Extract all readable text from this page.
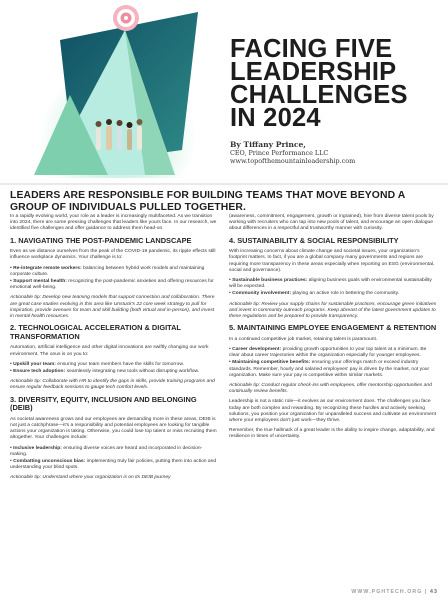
FACING FIVE
LEADERSHIP
CHALLENGES
IN 2024
By Tiffany Prince,
CEO, Prince Performance LLC
www.topofthemountainleadership.com
LEADERS ARE RESPONSIBLE FOR BUILDING TEAMS THAT MOVE BEYOND A GROUP OF INDIVIDUALS PULLED TOGETHER.

In a rapidly evolving world, your role as a leader is increasingly multifaceted. As we transition into 2024, there are some pressing challenges that leaders like yours face. In our research, we identified five challenges and offer guidance to address them head-on.

1. NAVIGATING THE POST-PANDEMIC LANDSCAPE

Even as we distance ourselves from the peak of the COVID-19 pandemic, its ripple effects still influence workplace dynamics. Your challenge is to:

• Re-integrate remote workers: balancing between hybrid work models and maintaining corporate culture.
• Support mental health: recognizing the post-pandemic anxieties and offering resources for emotional well-being.

Actionable tip: Develop new teaming models that support connection and collaboration. There are great case studies evolving in this area like Unstuck's 22 core week strategy to pull for inspiration, provide avenues for team and skill building (both virtual and in-person), and invest in mental health resources.

2. TECHNOLOGICAL ACCELERATION & DIGITAL TRANSFORMATION

Automation, artificial intelligence and other digital innovations are swiftly changing our work environment. The onus is on you to:

• Upskill your team: ensuring your team members have the skills for tomorrow.
• Ensure tech adoption: seamlessly integrating new tools without disrupting workflow.

Actionable tip: Collaborate with HR to identify the gaps in skills, provide training programs and ensure regular feedback sessions to gauge tech comfort levels.

3. DIVERSITY, EQUITY, INCLUSION AND BELONGING (DEIB)

As societal awareness grows and our employees are demanding more in these areas, DEIB is not just a catchphrase—it's a responsibility and potential employees are looking for tangible actions your organization is taking. Otherwise, you could lose top talent or miss recruiting them altogether. Your challenges include:

• Inclusive leadership: ensuring diverse voices are heard and incorporated in decision-making.
• Combatting unconscious bias: implementing truly fair policies, putting them into action and understanding your blind spots.

Actionable tip: Understand where your organization is on its DEIB journey

(awareness, commitment, engagement, growth or ingrained), hire from diverse talent pools by working with recruiters who can tap into new pools of talent, and encourage an open dialogue about differences in a respectful and trustworthy manner with curiosity.

4. SUSTAINABILITY & SOCIAL RESPONSIBILITY

With increasing concerns about climate change and societal issues, your organization's footprint matters. In fact, if you are a global company many governments and regions are requiring more transparency in these areas especially when reporting on ESG (environmental, social and governance).

• Sustainable business practices: aligning business goals with environmental sustainability will be expected.
• Community involvement: playing an active role in bettering the community.

Actionable tip: Review your supply chains for sustainable practices, encourage green initiatives and invest in community outreach programs. Keep abreast of the latest government updates to these regulations and be prepared to provide transparency.

5. MAINTAINING EMPLOYEE ENGAGEMENT & RETENTION

In a continued competitive job market, retaining talent is paramount.

• Career development: providing growth opportunities to your top talent at a minimum. Be clear about career trajectories within the organization especially for younger employees.
• Maintaining competitive benefits: ensuring your offerings match or exceed industry standards. Remember, hourly and salaried employees' pay is driven by the market, not your organization. Make sure your pay is competitive within similar markets.

Actionable tip: Conduct regular check-ins with employees, offer mentorship opportunities and continually review benefits.

Leadership is not a static role—it evolves as our environment does. The challenges you face today are both complex and rewarding. By recognizing these hurdles and actively seeking solutions, you position your organization for unparalleled success and cultivate an environment where your employees don't just work—they thrive.

Remember, the true hallmark of a great leader is the ability to inspire change, adaptability, and resilience in times of uncertainty.

WWW.PGHTECH.ORG | 43
